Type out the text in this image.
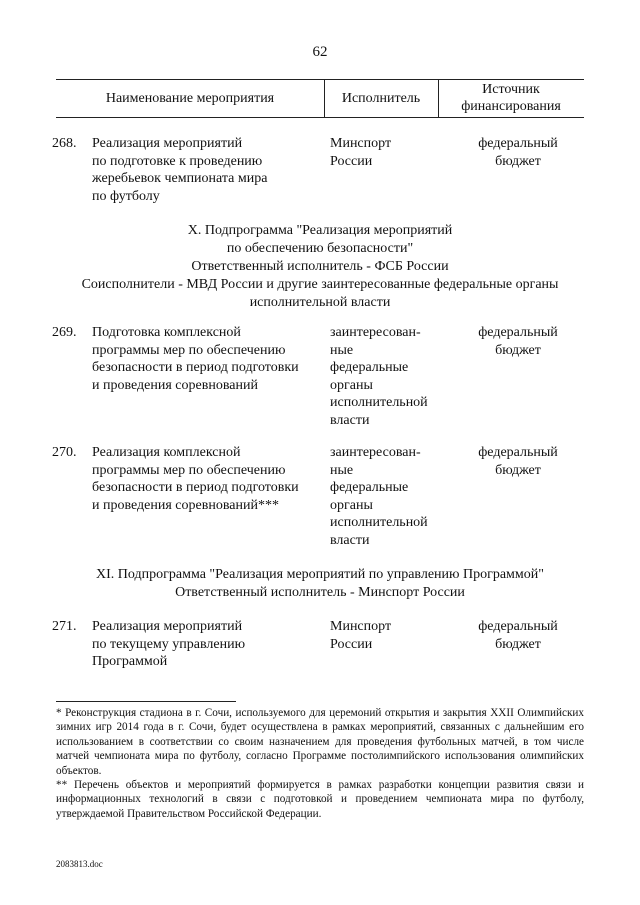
62
Наименование мероприятия	Исполнитель
Источник
финансирования
268. Реализация мероприятий
по подготовке к проведению
жеребьевок чемпионата мира
по футболу
Минспорт
России
федеральный
бюджет
X. Подпрограмма "Реализация мероприятий
по обеспечению безопасности"
Ответственный исполнитель - ФСБ России
Соисполнители - МВД России и другие заинтересованные федеральные органы
исполнительной власти
269. Подготовка комплексной
программы мер по обеспечению
безопасности в период подготовки
и проведения соревнований
заинтересован-
ные
федеральные
органы
исполнительной
власти
федеральный
бюджет
270. Реализация комплексной
программы мер по обеспечению
безопасности в период подготовки
и проведения соревнований***
заинтересован-
ные
федеральные
органы
исполнительной
власти
федеральный
бюджет
XI. Подпрограмма "Реализация мероприятий по управлению Программой"
Ответственный исполнитель - Минспорт России
271. Реализация мероприятий
по текущему управлению
Программой
Минспорт
России
федеральный
бюджет

* Реконструкция стадиона в г. Сочи, используемого для церемоний открытия и закрытия XXII Олимпийских зимних игр 2014 года в г. Сочи, будет осуществлена в рамках мероприятий, связанных с дальнейшим его использованием в соответствии со своим назначением для проведения футбольных матчей, в том числе матчей чемпионата мира по футболу, согласно Программе постолимпийского использования олимпийских объектов.

** Перечень объектов и мероприятий формируется в рамках разработки концепции развития связи и информационных технологий в связи с подготовкой и проведением чемпионата мира по футболу, утверждаемой Правительством Российской Федерации.

2083813.doc
